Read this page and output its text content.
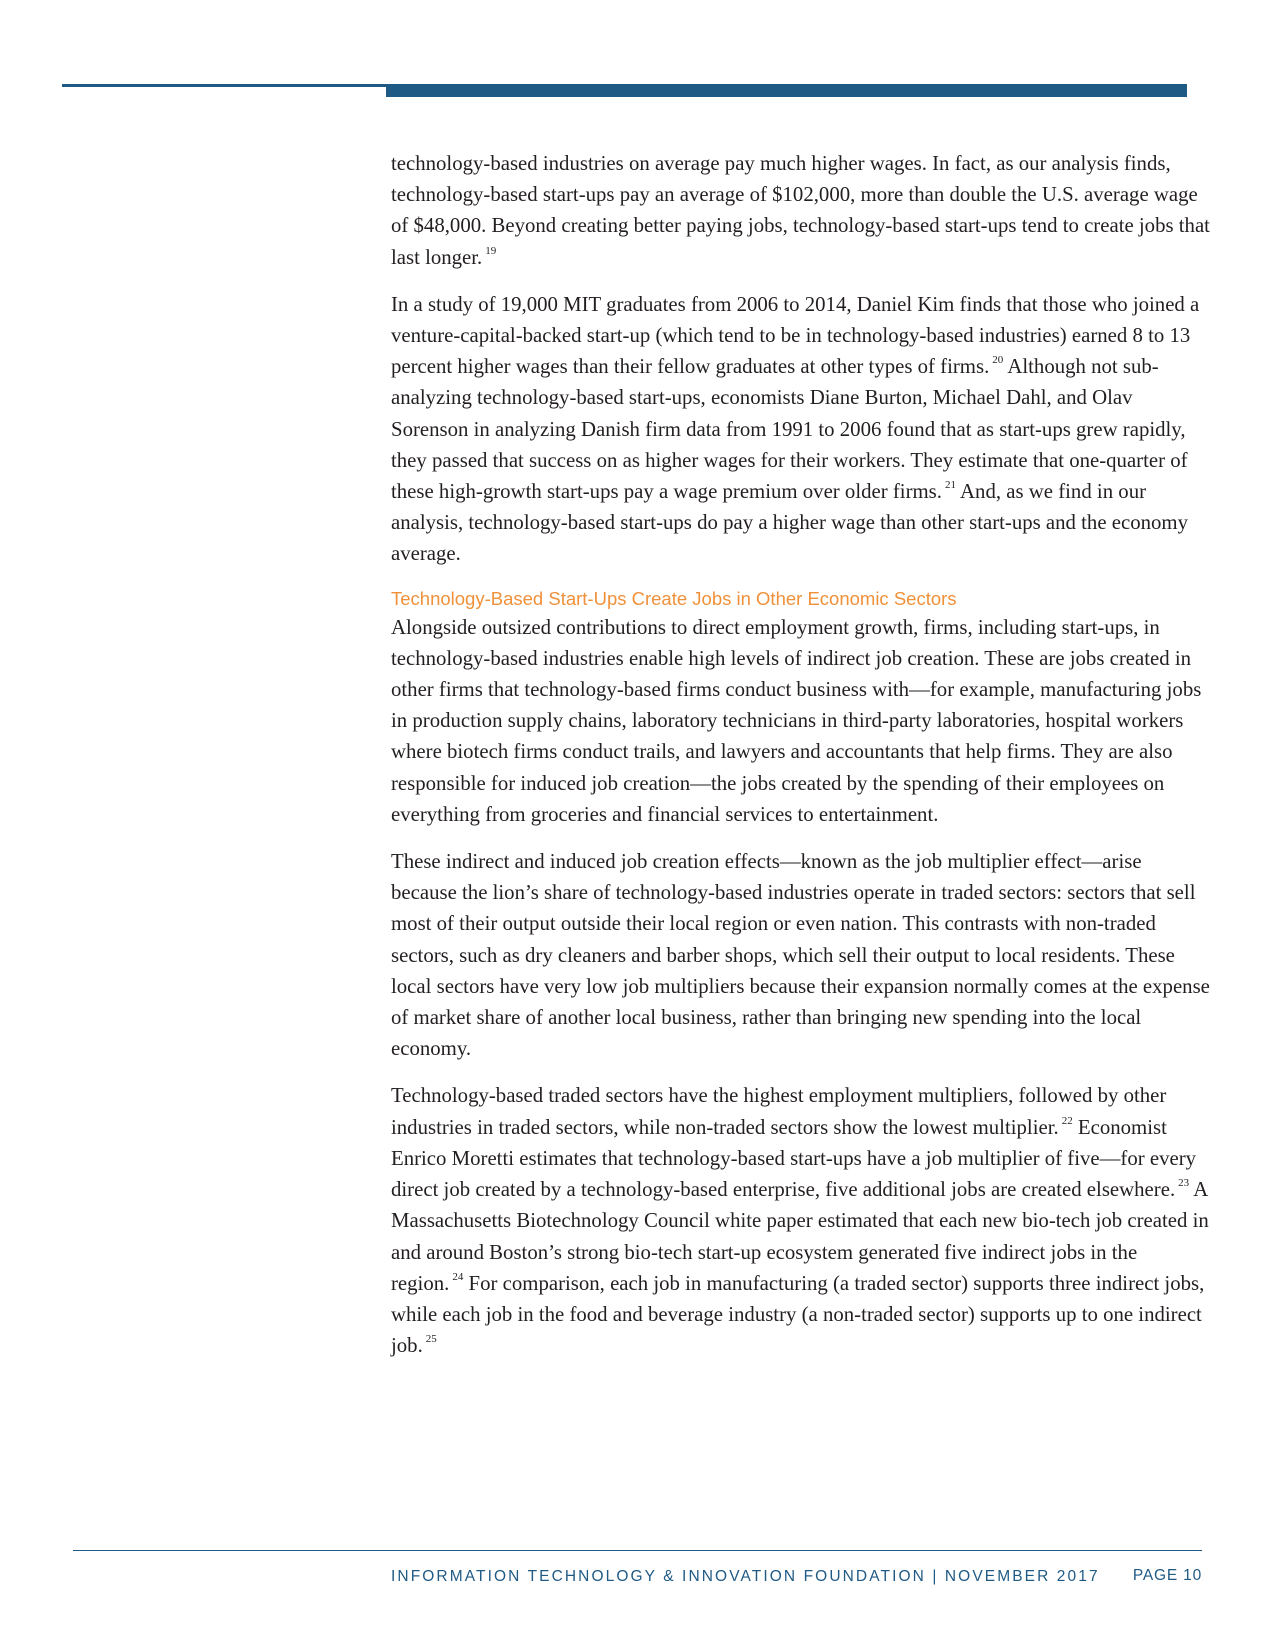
technology-based industries on average pay much higher wages. In fact, as our analysis finds, technology-based start-ups pay an average of $102,000, more than double the U.S. average wage of $48,000. Beyond creating better paying jobs, technology-based start-ups tend to create jobs that last longer. $^{19}$

In a study of 19,000 MIT graduates from 2006 to 2014, Daniel Kim finds that those who joined a venture-capital-backed start-up (which tend to be in technology-based industries) earned 8 to 13 percent higher wages than their fellow graduates at other types of firms. $^{20}$ Although not sub-analyzing technology-based start-ups, economists Diane Burton, Michael Dahl, and Olav Sorenson in analyzing Danish firm data from 1991 to 2006 found that as start-ups grew rapidly, they passed that success on as higher wages for their workers. They estimate that one-quarter of these high-growth start-ups pay a wage premium over older firms. $^{21}$ And, as we find in our analysis, technology-based start-ups do pay a higher wage than other start-ups and the economy average.

Technology-Based Start-Ups Create Jobs in Other Economic Sectors

Alongside outsized contributions to direct employment growth, firms, including start-ups, in technology-based industries enable high levels of indirect job creation. These are jobs created in other firms that technology-based firms conduct business with—for example, manufacturing jobs in production supply chains, laboratory technicians in third-party laboratories, hospital workers where biotech firms conduct trails, and lawyers and accountants that help firms. They are also responsible for induced job creation—the jobs created by the spending of their employees on everything from groceries and financial services to entertainment.

These indirect and induced job creation effects—known as the job multiplier effect—arise because the lion’s share of technology-based industries operate in traded sectors: sectors that sell most of their output outside their local region or even nation. This contrasts with non-traded sectors, such as dry cleaners and barber shops, which sell their output to local residents. These local sectors have very low job multipliers because their expansion normally comes at the expense of market share of another local business, rather than bringing new spending into the local economy.

Technology-based traded sectors have the highest employment multipliers, followed by other industries in traded sectors, while non-traded sectors show the lowest multiplier. $^{22}$ Economist Enrico Moretti estimates that technology-based start-ups have a job multiplier of five—for every direct job created by a technology-based enterprise, five additional jobs are created elsewhere. $^{23}$ A Massachusetts Biotechnology Council white paper estimated that each new bio-tech job created in and around Boston’s strong bio-tech start-up ecosystem generated five indirect jobs in the region. $^{24}$ For comparison, each job in manufacturing (a traded sector) supports three indirect jobs, while each job in the food and beverage industry (a non-traded sector) supports up to one indirect job. $^{25}$

INFORMATION TECHNOLOGY & INNOVATION FOUNDATION | NOVEMBER 2017 PAGE 10
